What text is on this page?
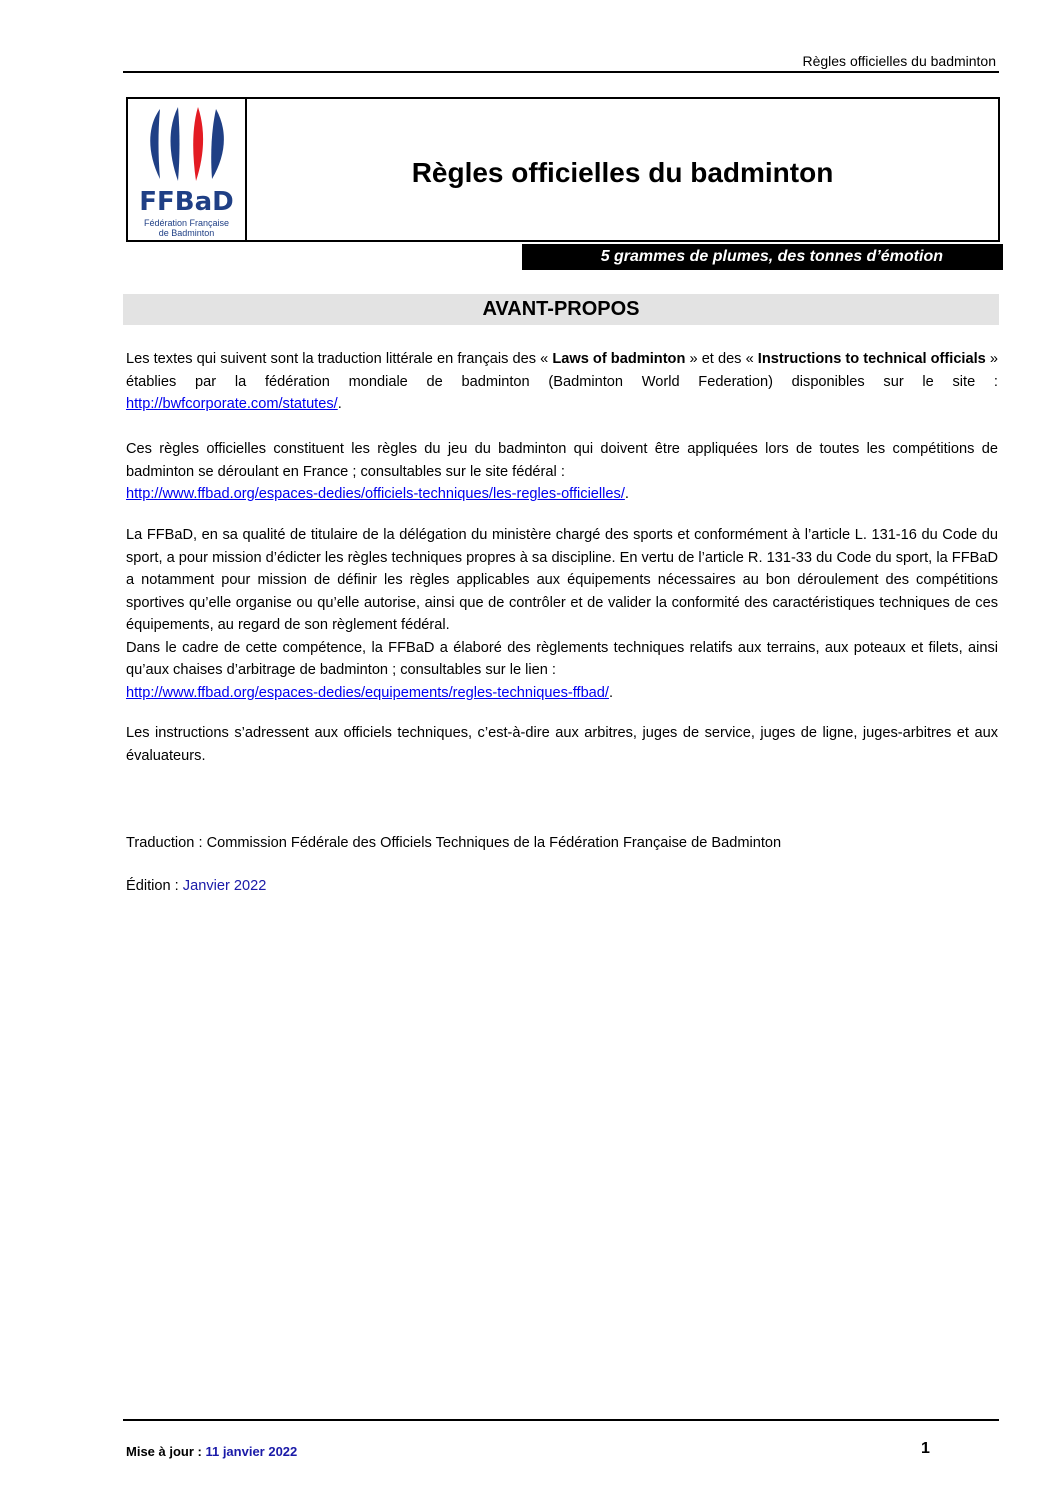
Règles officielles du badminton
FFBaD
Fédération Française
de Badminton
Règles officielles du badminton
5 grammes de plumes, des tonnes d’émotion
AVANT-PROPOS

Les textes qui suivent sont la traduction littérale en français des « Laws of badminton » et des « Instructions to technical officials » établies par la fédération mondiale de badminton (Badminton World Federation) disponibles sur le site : http://bwfcorporate.com/statutes/.

Ces règles officielles constituent les règles du jeu du badminton qui doivent être appliquées lors de toutes les compétitions de badminton se déroulant en France ; consultables sur le site fédéral :
http://www.ffbad.org/espaces-dedies/officiels-techniques/les-regles-officielles/.

La FFBaD, en sa qualité de titulaire de la délégation du ministère chargé des sports et conformément à l’article L. 131-16 du Code du sport, a pour mission d’édicter les règles techniques propres à sa discipline. En vertu de l’article R. 131-33 du Code du sport, la FFBaD a notamment pour mission de définir les règles applicables aux équipements nécessaires au bon déroulement des compétitions sportives qu’elle organise ou qu’elle autorise, ainsi que de contrôler et de valider la conformité des caractéristiques techniques de ces équipements, au regard de son règlement fédéral.

Dans le cadre de cette compétence, la FFBaD a élaboré des règlements techniques relatifs aux terrains, aux poteaux et filets, ainsi qu’aux chaises d’arbitrage de badminton ; consultables sur le lien :
http://www.ffbad.org/espaces-dedies/equipements/regles-techniques-ffbad/.

Les instructions s’adressent aux officiels techniques, c’est-à-dire aux arbitres, juges de service, juges de ligne, juges-arbitres et aux évaluateurs.

Traduction : Commission Fédérale des Officiels Techniques de la Fédération Française de Badminton
Édition : Janvier 2022
Mise à jour : 11 janvier 2022	1
